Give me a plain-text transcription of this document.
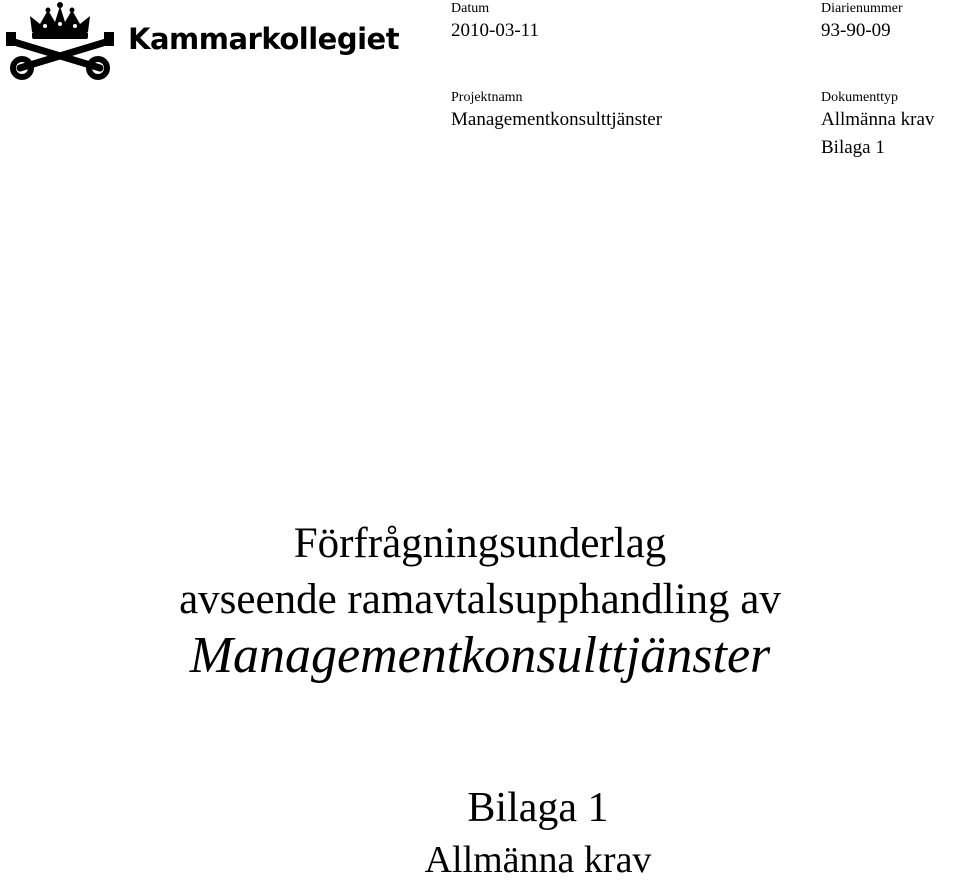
Kammarkollegiet
Datum
2010-03-11
Diarienummer
93-90-09
Projektnamn
Managementkonsulttjänster
Dokumenttyp
Allmänna krav
Bilaga 1
Förfrågningsunderlag
avseende ramavtalsupphandling av
Managementkonsulttjänster
Bilaga 1
Allmänna krav
